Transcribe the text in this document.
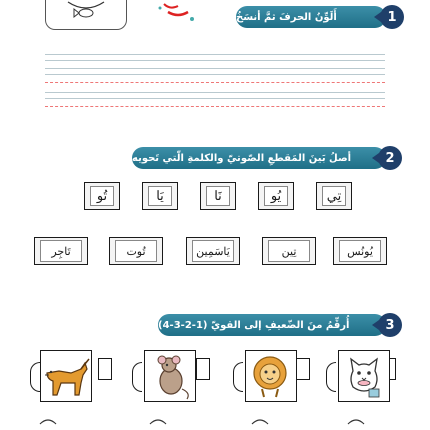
أَلَوِّنُ الحرفَ ثمَّ أنسَخُ	1
أصلُ بَينَ المَقطعِ الصّوتيّ والكلمةِ الّتي تَحويه	2
تِي
يُو
نَا
يَا
تُو
يُونُس
تِين
يَاسَمِين
تُوت
تَاجِر
أُرقِّمُ منَ الضّعيفِ إلى القويّ (1-2-3-4)	3
